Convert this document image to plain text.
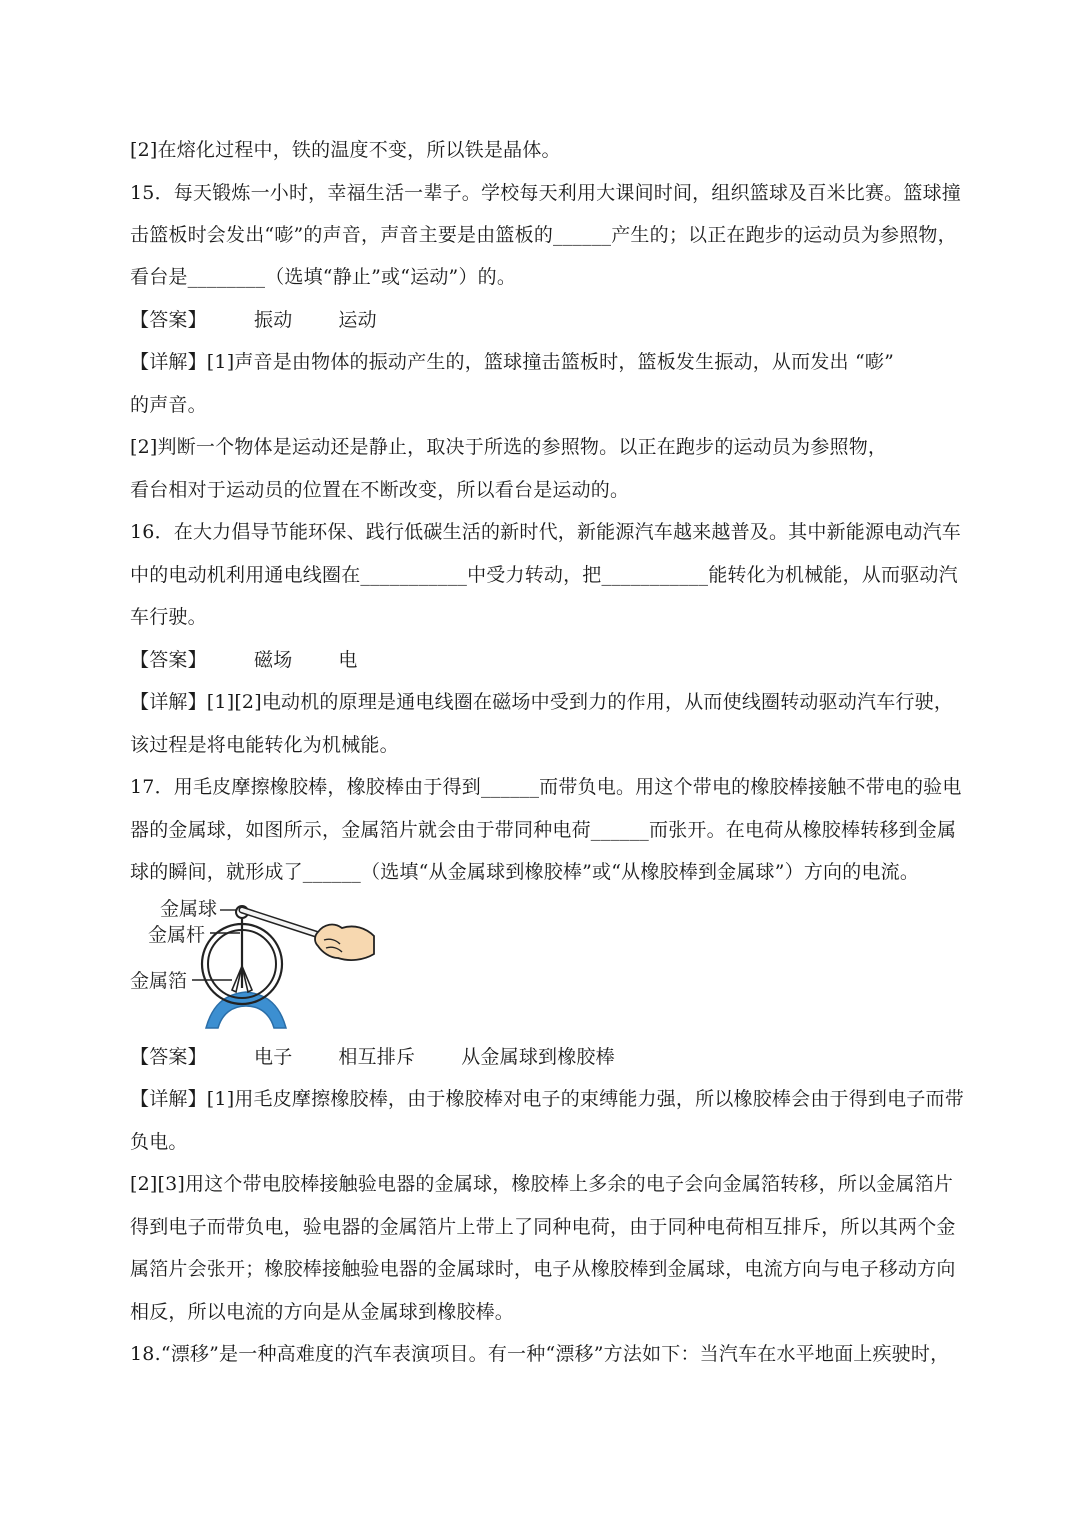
[2]在熔化过程中，铁的温度不变，所以铁是晶体。
15．每天锻炼一小时，幸福生活一辈子。学校每天利用大课间时间，组织篮球及百米比赛。篮球撞
击篮板时会发出“嘭”的声音，声音主要是由篮板的______产生的；以正在跑步的运动员为参照物，
看台是________（选填“静止”或“运动”）的。
【答案】 振动 运动
【详解】[1]声音是由物体的振动产生的，篮球撞击篮板时，篮板发生振动，从而发出 “嘭”
的声音。
[2]判断一个物体是运动还是静止，取决于所选的参照物。以正在跑步的运动员为参照物，
看台相对于运动员的位置在不断改变，所以看台是运动的。
16．在大力倡导节能环保、践行低碳生活的新时代，新能源汽车越来越普及。其中新能源电动汽车
中的电动机利用通电线圈在___________中受力转动，把___________能转化为机械能，从而驱动汽
车行驶。
【答案】 磁场 电
【详解】[1][2]电动机的原理是通电线圈在磁场中受到力的作用，从而使线圈转动驱动汽车行驶，
该过程是将电能转化为机械能。
17．用毛皮摩擦橡胶棒，橡胶棒由于得到______而带负电。用这个带电的橡胶棒接触不带电的验电
器的金属球，如图所示，金属箔片就会由于带同种电荷______而张开。在电荷从橡胶棒转移到金属
球的瞬间，就形成了______（选填“从金属球到橡胶棒”或“从橡胶棒到金属球”）方向的电流。
金属球
金属杆
金属箔
【答案】 电子 相互排斥 从金属球到橡胶棒
【详解】[1]用毛皮摩擦橡胶棒，由于橡胶棒对电子的束缚能力强，所以橡胶棒会由于得到电子而带
负电。
[2][3]用这个带电胶棒接触验电器的金属球，橡胶棒上多余的电子会向金属箔转移，所以金属箔片
得到电子而带负电，验电器的金属箔片上带上了同种电荷，由于同种电荷相互排斥，所以其两个金
属箔片会张开；橡胶棒接触验电器的金属球时，电子从橡胶棒到金属球，电流方向与电子移动方向
相反，所以电流的方向是从金属球到橡胶棒。
18.“漂移”是一种高难度的汽车表演项目。有一种“漂移”方法如下：当汽车在水平地面上疾驶时，
